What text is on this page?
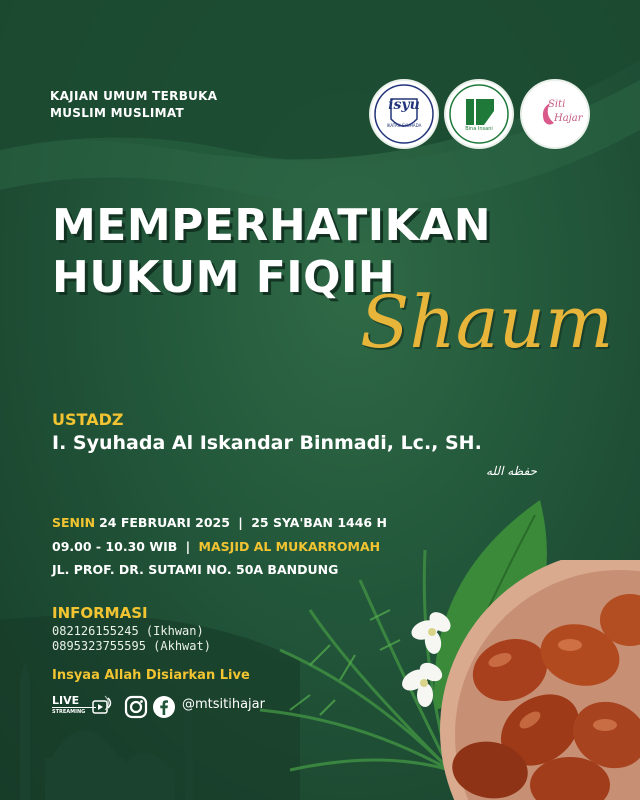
KAJIAN UMUM TERBUKA
MUSLIM MUSLIMAT	isyu
IKATAN SYUHADA
Bina Insani
Siti
Hajar
MEMPERHATIKAN
HUKUM FIQIH
Shaum
USTADZ
I. Syuhada Al Iskandar Binmadi, Lc., SH.
حفظه الله
SENIN 24 FEBRUARI 2025  |  25 SYA'BAN 1446 H
09.00 - 10.30 WIB  |  MASJID AL MUKARROMAH
JL. PROF. DR. SUTAMI NO. 50A BANDUNG
INFORMASI
082126155245 (Ikhwan)
0895323755595 (Akhwat)
Insyaa Allah Disiarkan Live
LIVE
STREAMING	@mtsitihajar
